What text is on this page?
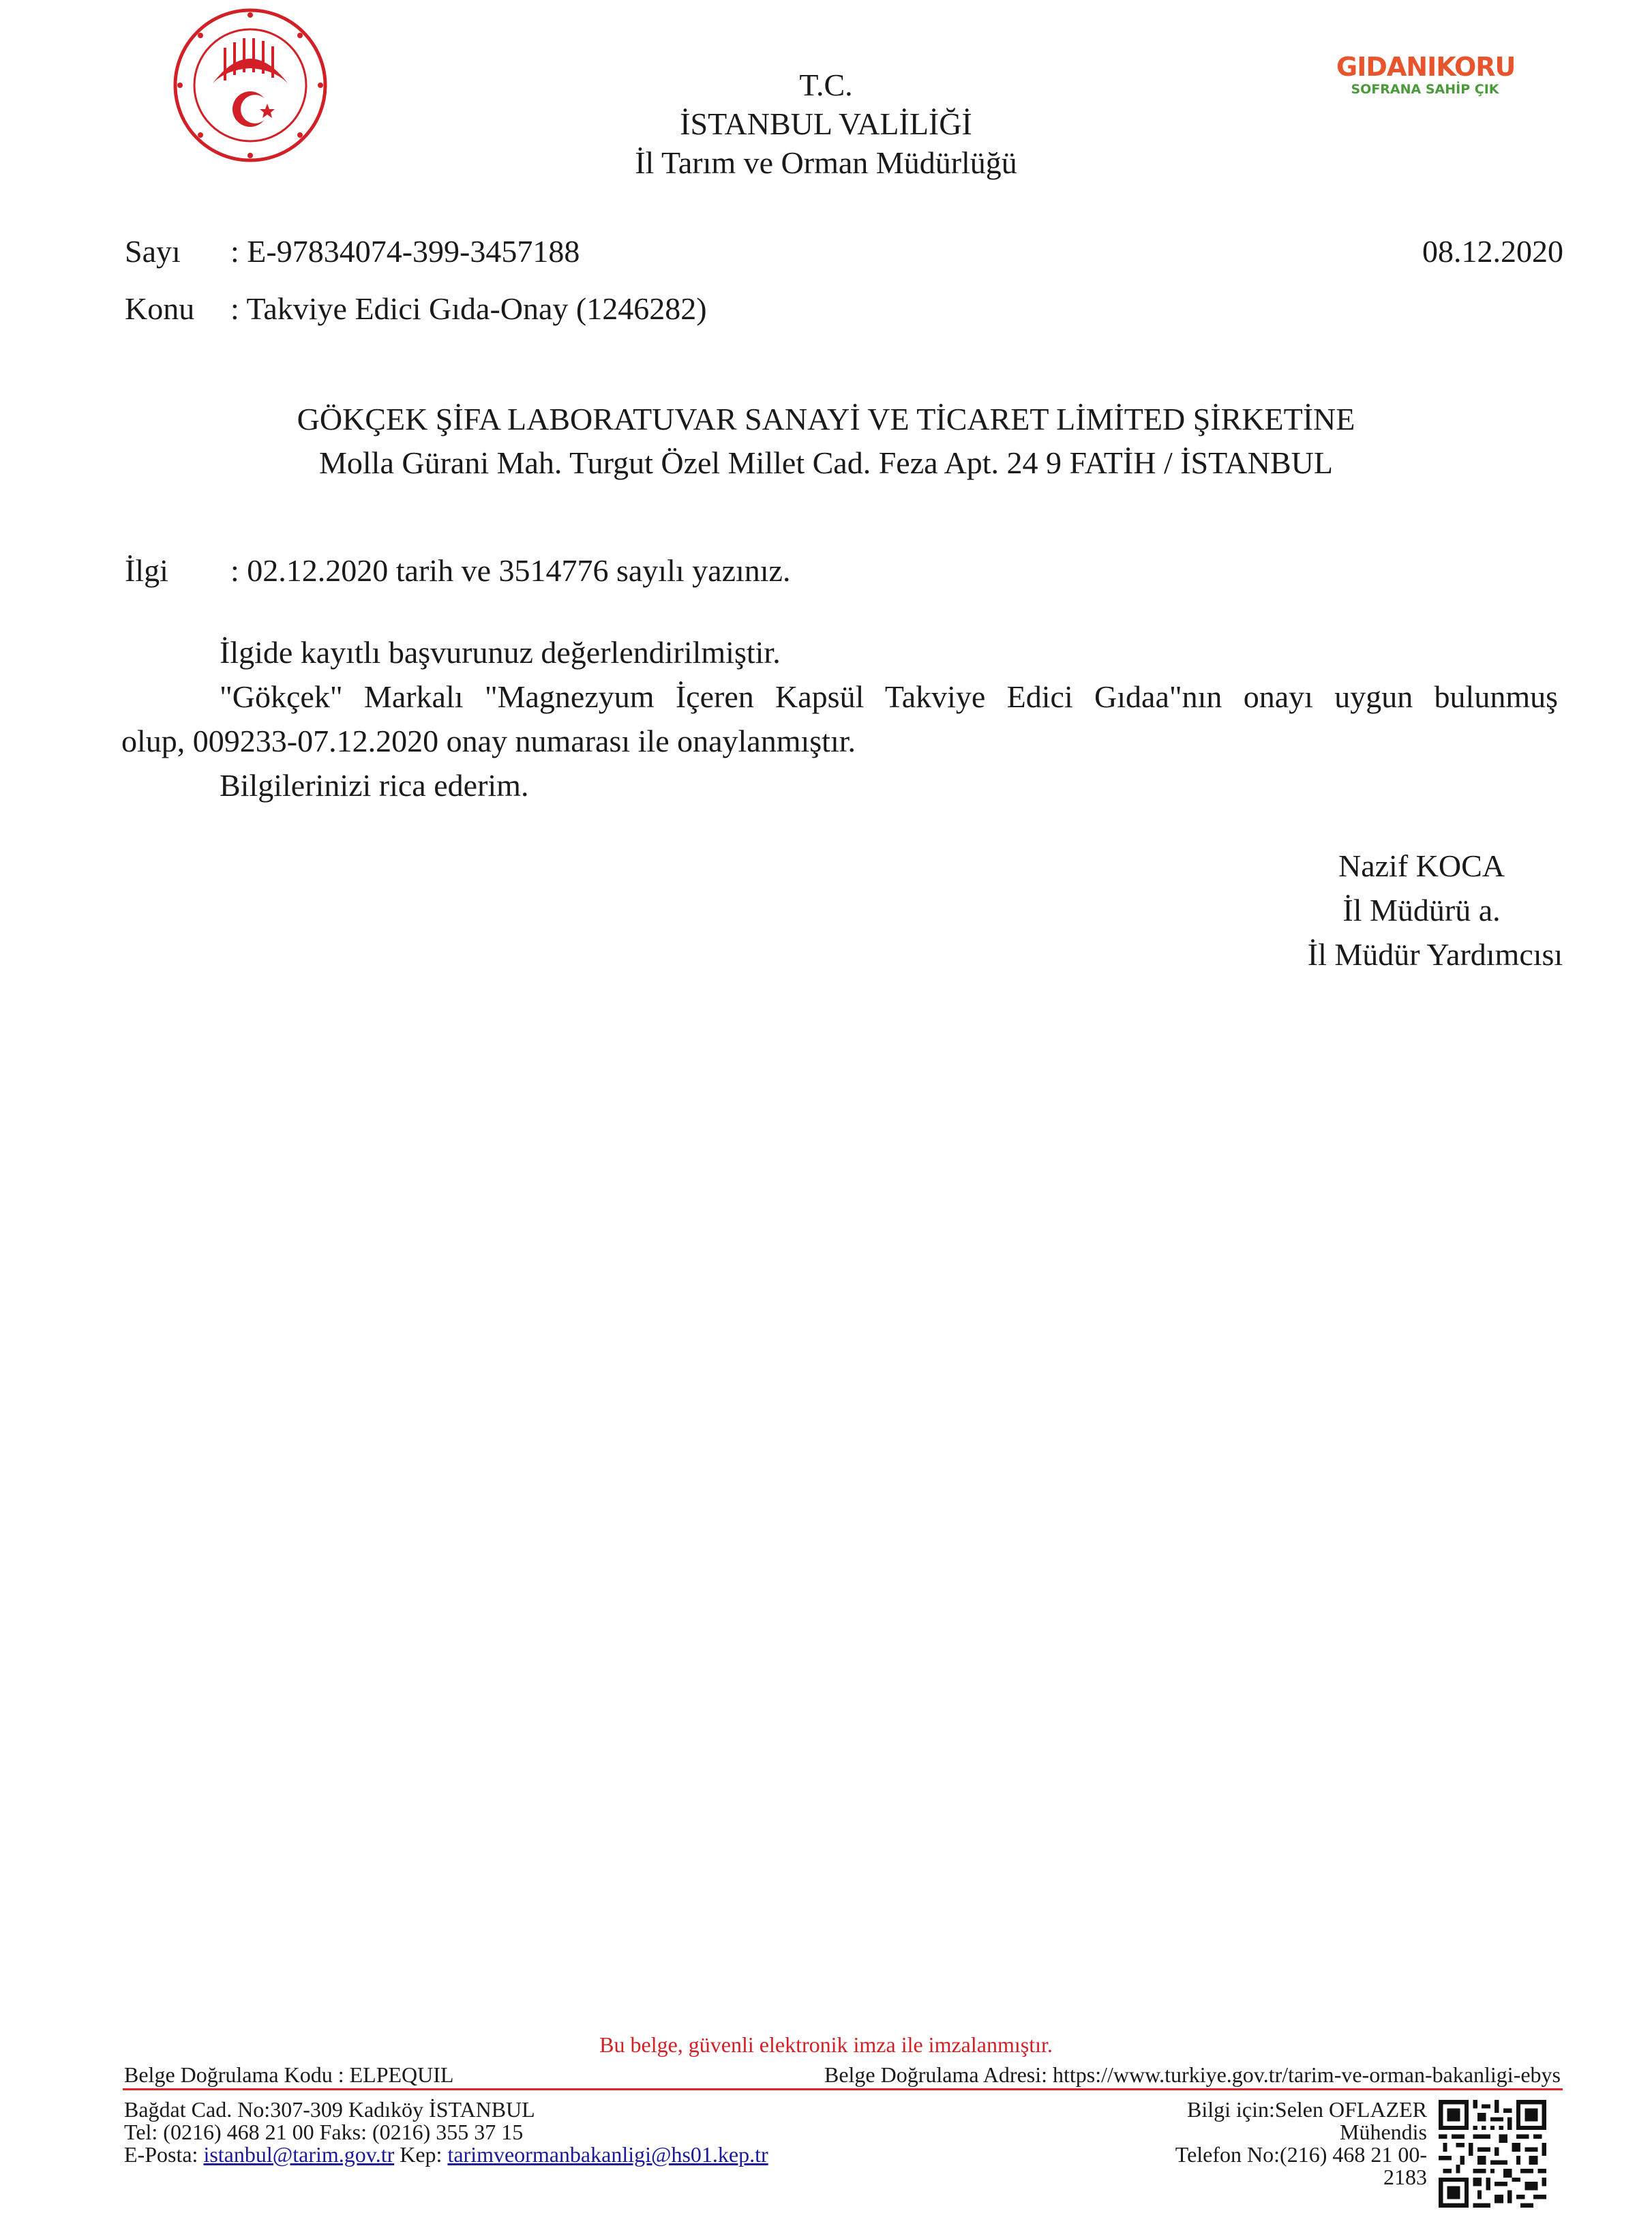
GIDANIKORU
SOFRANA SAHİP ÇIK
T.C.
İSTANBUL VALİLİĞİ
İl Tarım ve Orman Müdürlüğü
Sayı : E-97834074-399-3457188	08.12.2020
Konu : Takviye Edici Gıda-Onay (1246282)
GÖKÇEK ŞİFA LABORATUVAR SANAYİ VE TİCARET LİMİTED ŞİRKETİNE
Molla Gürani Mah. Turgut Özel Millet Cad. Feza Apt. 24 9 FATİH / İSTANBUL
İlgi : 02.12.2020 tarih ve 3514776 sayılı yazınız.
İlgide kayıtlı başvurunuz değerlendirilmiştir.
"Gökçek" Markalı "Magnezyum İçeren Kapsül Takviye Edici Gıdaa"nın onayı uygun bulunmuş
olup, 009233-07.12.2020 onay numarası ile onaylanmıştır.
Bilgilerinizi rica ederim.
Nazif KOCA
İl Müdürü a.
İl Müdür Yardımcısı
Bu belge, güvenli elektronik imza ile imzalanmıştır.
Belge Doğrulama Kodu : ELPEQUIL	Belge Doğrulama Adresi: https://www.turkiye.gov.tr/tarim-ve-orman-bakanligi-ebys
Bağdat Cad. No:307-309 Kadıköy İSTANBUL
Tel: (0216) 468 21 00 Faks: (0216) 355 37 15
E-Posta: istanbul@tarim.gov.tr Kep: tarimveormanbakanligi@hs01.kep.tr
Bilgi için:Selen OFLAZER
Mühendis
Telefon No:(216) 468 21 00-
2183
